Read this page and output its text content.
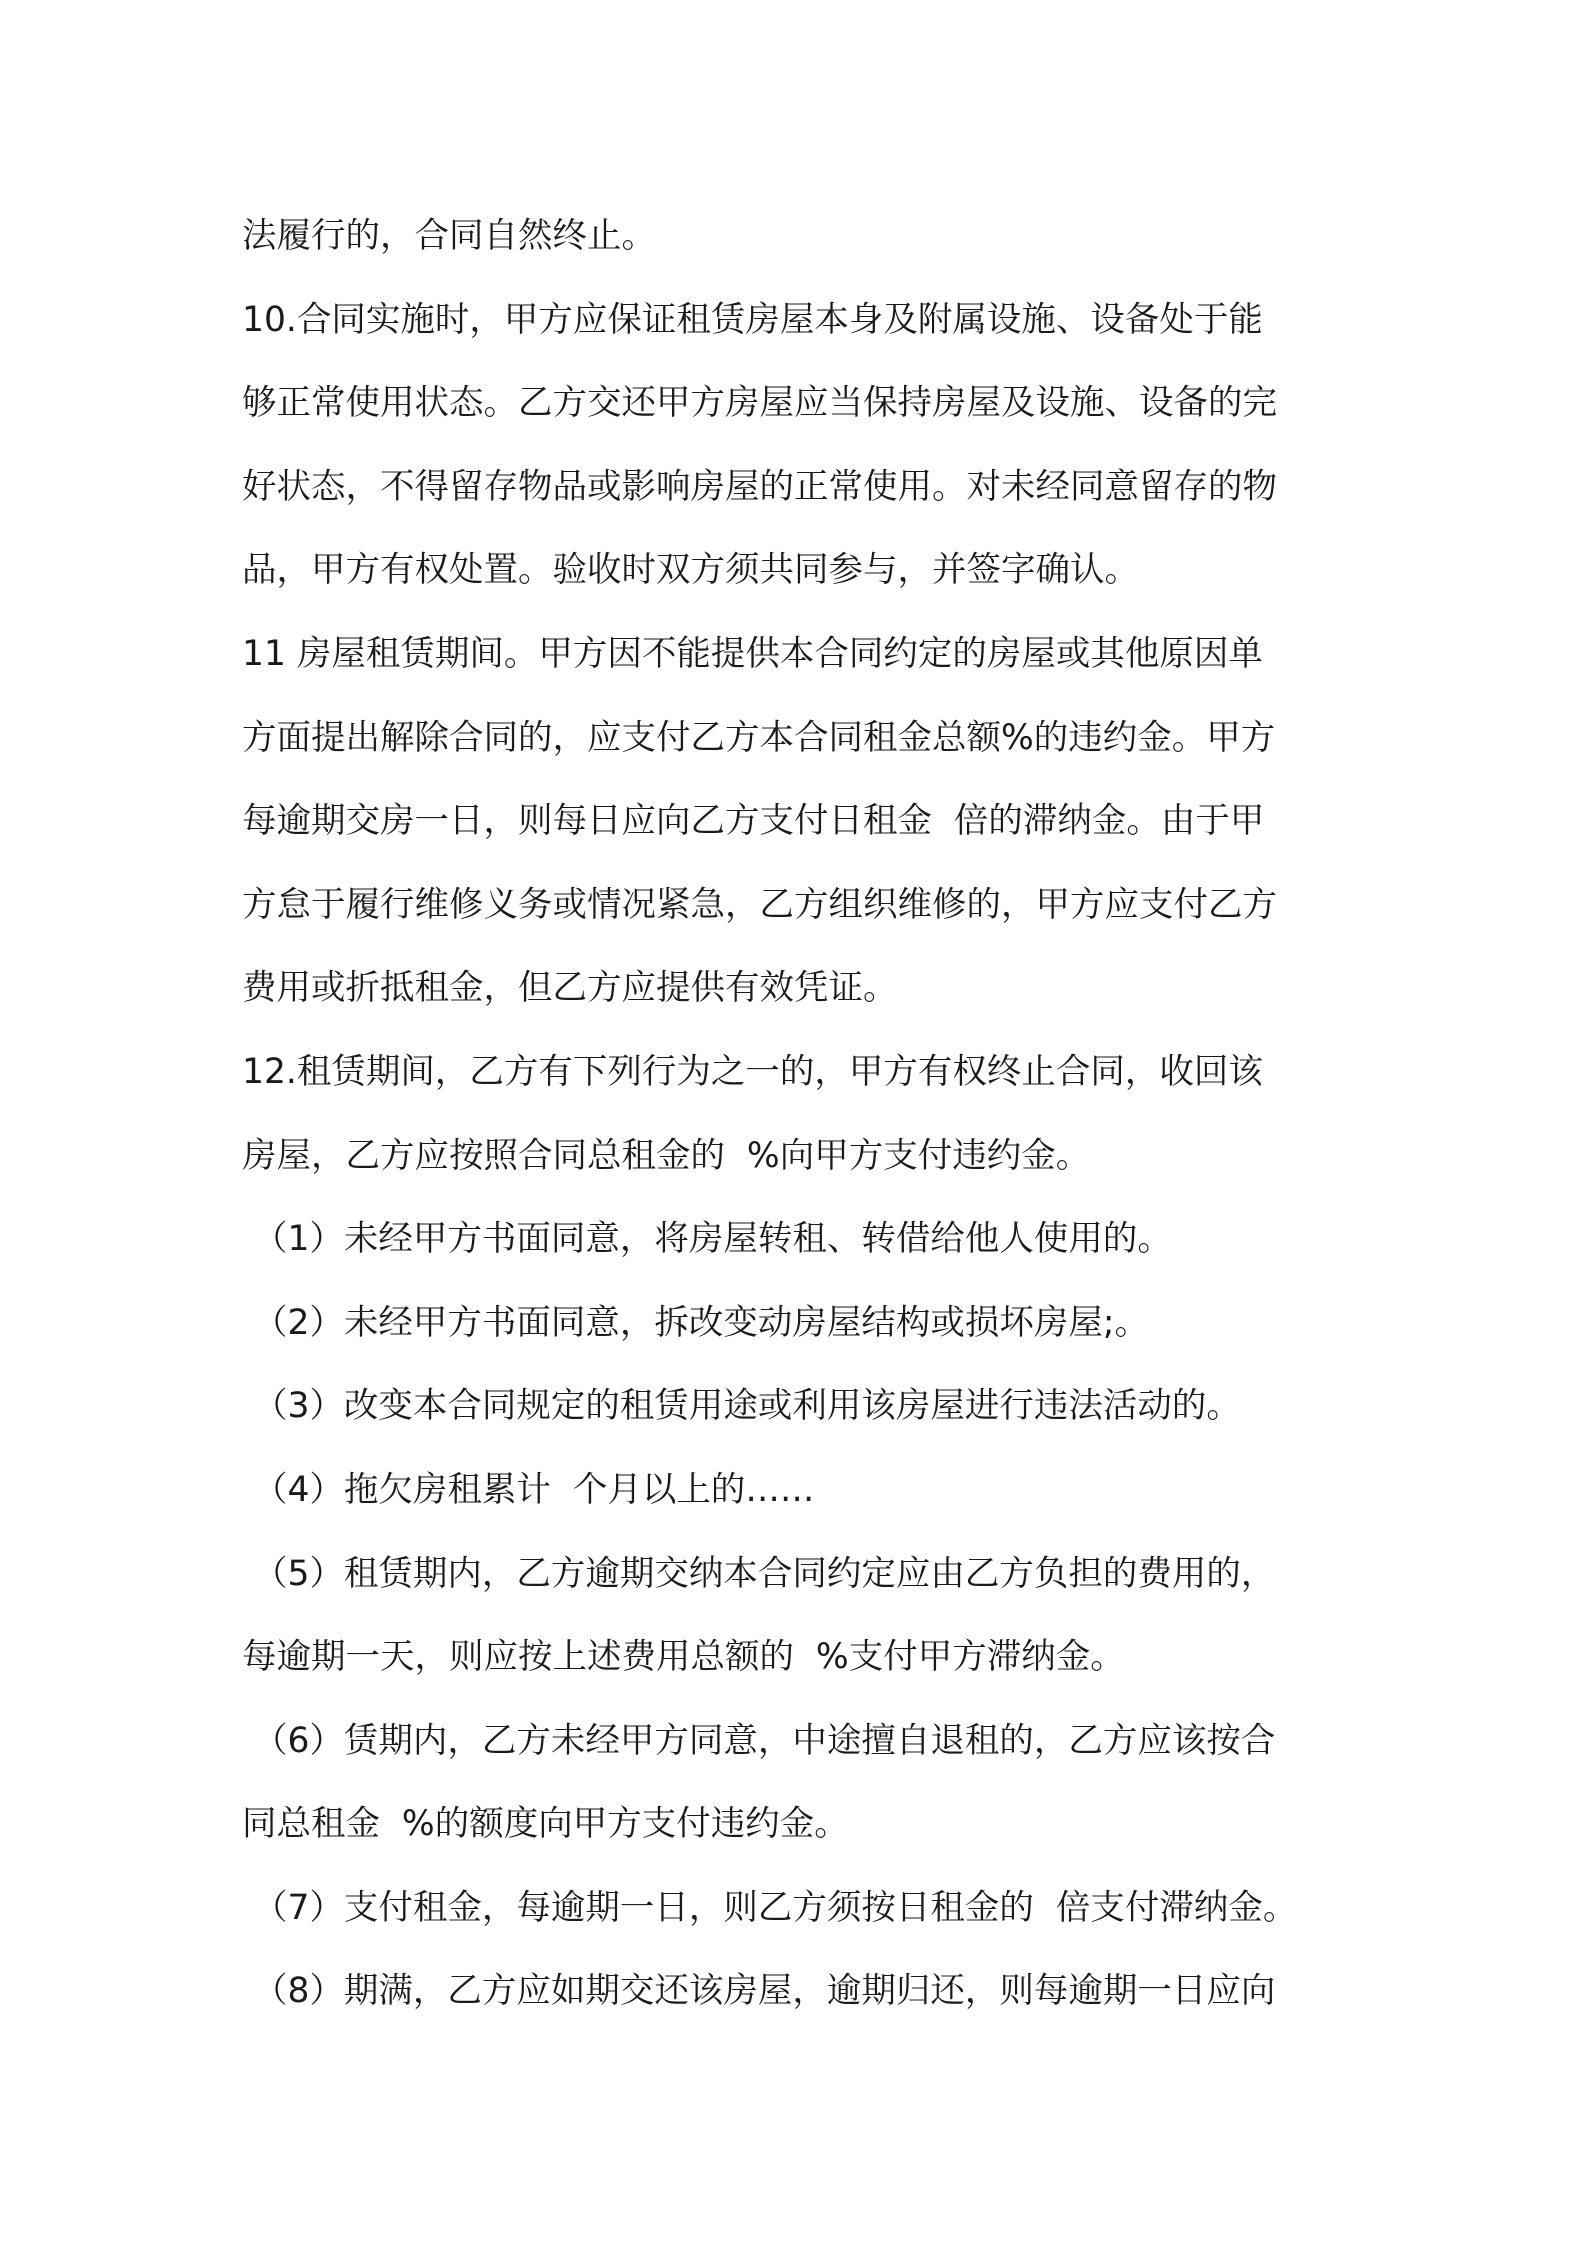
法履行的，合同自然终止。
10.合同实施时，甲方应保证租赁房屋本身及附属设施、设备处于能
够正常使用状态。乙方交还甲方房屋应当保持房屋及设施、设备的完
好状态，不得留存物品或影响房屋的正常使用。对未经同意留存的物
品，甲方有权处置。验收时双方须共同参与，并签字确认。
11 房屋租赁期间。甲方因不能提供本合同约定的房屋或其他原因单
方面提出解除合同的，应支付乙方本合同租金总额%的违约金。甲方
每逾期交房一日，则每日应向乙方支付日租金  倍的滞纳金。由于甲
方怠于履行维修义务或情况紧急，乙方组织维修的，甲方应支付乙方
费用或折抵租金，但乙方应提供有效凭证。
12.租赁期间，乙方有下列行为之一的，甲方有权终止合同，收回该
房屋，乙方应按照合同总租金的  %向甲方支付违约金。
（1）未经甲方书面同意，将房屋转租、转借给他人使用的。
（2）未经甲方书面同意，拆改变动房屋结构或损坏房屋;。
（3）改变本合同规定的租赁用途或利用该房屋进行违法活动的。
（4）拖欠房租累计  个月以上的……
（5）租赁期内，乙方逾期交纳本合同约定应由乙方负担的费用的，
每逾期一天，则应按上述费用总额的  %支付甲方滞纳金。
（6）赁期内，乙方未经甲方同意，中途擅自退租的，乙方应该按合
同总租金  %的额度向甲方支付违约金。
（7）支付租金，每逾期一日，则乙方须按日租金的  倍支付滞纳金。
（8）期满，乙方应如期交还该房屋，逾期归还，则每逾期一日应向
